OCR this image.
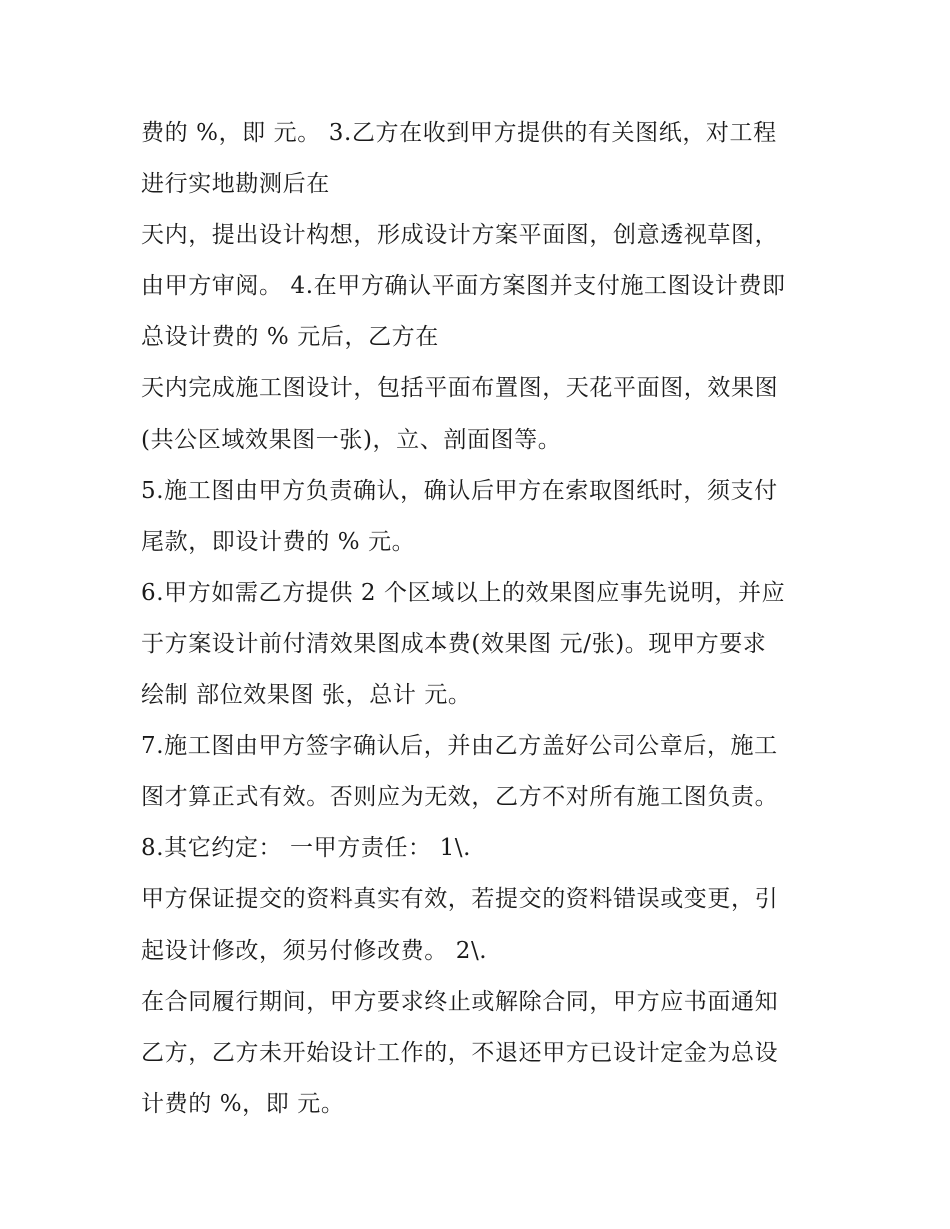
费的 %，即 元。 3.乙方在收到甲方提供的有关图纸，对工程
进行实地勘测后在
天内，提出设计构想，形成设计方案平面图，创意透视草图，
由甲方审阅。 4.在甲方确认平面方案图并支付施工图设计费即
总设计费的 % 元后，乙方在
天内完成施工图设计，包括平面布置图，天花平面图，效果图
(共公区域效果图一张)，立、剖面图等。
5.施工图由甲方负责确认，确认后甲方在索取图纸时，须支付
尾款，即设计费的 % 元。
6.甲方如需乙方提供 2 个区域以上的效果图应事先说明，并应
于方案设计前付清效果图成本费(效果图 元/张)。现甲方要求
绘制 部位效果图 张，总计 元。
7.施工图由甲方签字确认后，并由乙方盖好公司公章后，施工
图才算正式有效。否则应为无效，乙方不对所有施工图负责。
8.其它约定： 一甲方责任： 1\.
甲方保证提交的资料真实有效，若提交的资料错误或变更，引
起设计修改，须另付修改费。 2\.
在合同履行期间，甲方要求终止或解除合同，甲方应书面通知
乙方，乙方未开始设计工作的，不退还甲方已设计定金为总设
计费的 %，即 元。
